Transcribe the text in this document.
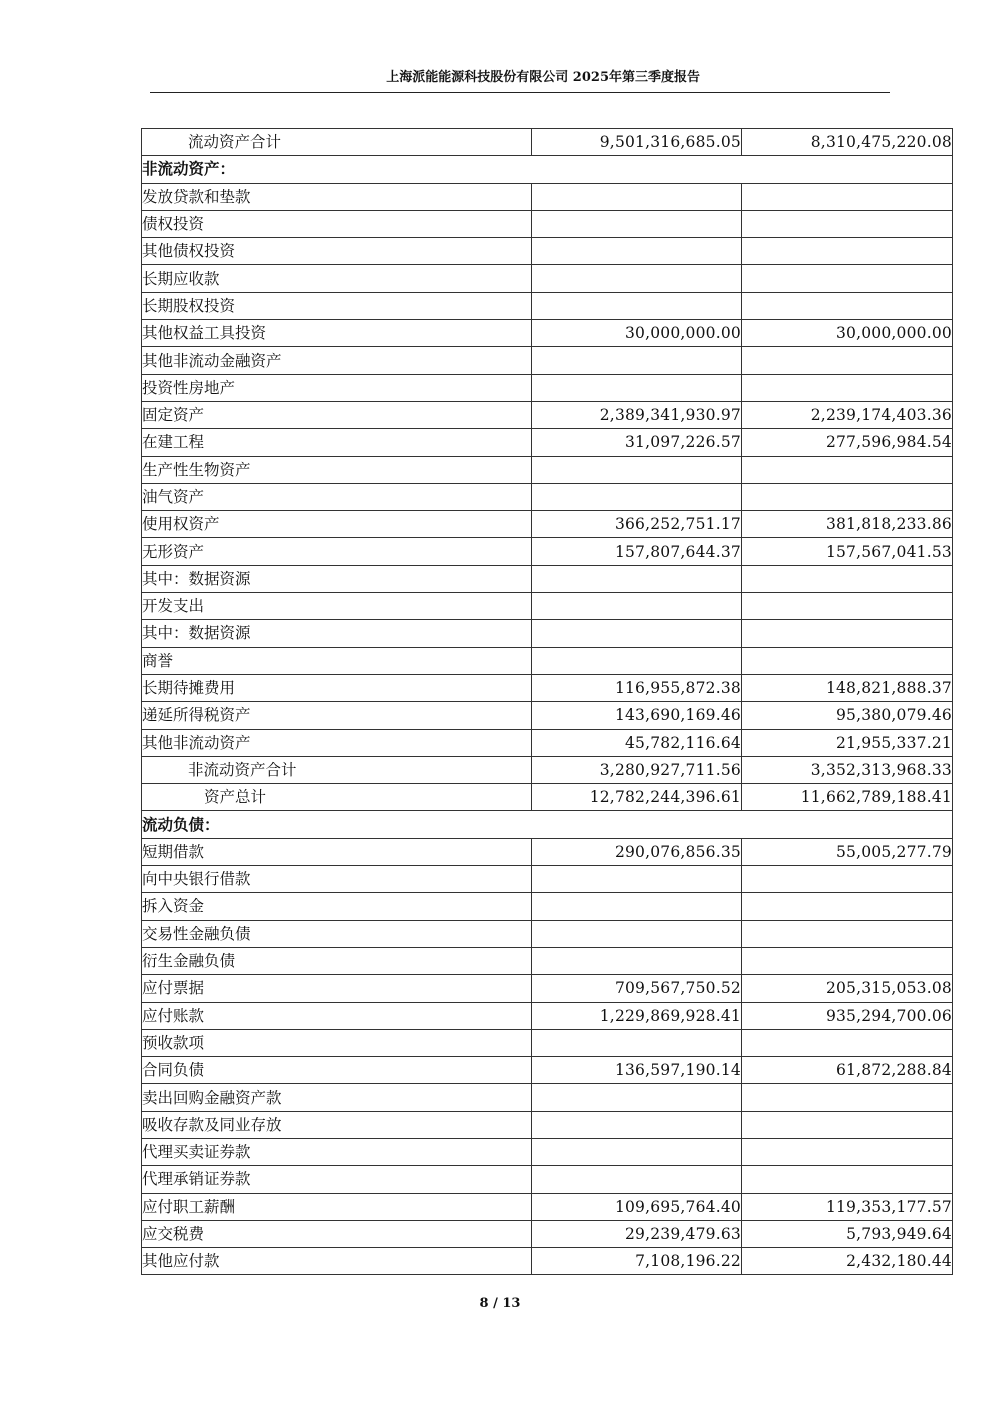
上海派能能源科技股份有限公司 2025年第三季度报告
流动资产合计	9,501,316,685.05	8,310,475,220.08
非流动资产：		
发放贷款和垫款		
债权投资		
其他债权投资		
长期应收款		
长期股权投资		
其他权益工具投资	30,000,000.00	30,000,000.00
其他非流动金融资产		
投资性房地产		
固定资产	2,389,341,930.97	2,239,174,403.36
在建工程	31,097,226.57	277,596,984.54
生产性生物资产		
油气资产		
使用权资产	366,252,751.17	381,818,233.86
无形资产	157,807,644.37	157,567,041.53
其中：数据资源		
开发支出		
其中：数据资源		
商誉		
长期待摊费用	116,955,872.38	148,821,888.37
递延所得税资产	143,690,169.46	95,380,079.46
其他非流动资产	45,782,116.64	21,955,337.21
非流动资产合计	3,280,927,711.56	3,352,313,968.33
资产总计	12,782,244,396.61	11,662,789,188.41
流动负债：		
短期借款	290,076,856.35	55,005,277.79
向中央银行借款		
拆入资金		
交易性金融负债		
衍生金融负债		
应付票据	709,567,750.52	205,315,053.08
应付账款	1,229,869,928.41	935,294,700.06
预收款项		
合同负债	136,597,190.14	61,872,288.84
卖出回购金融资产款		
吸收存款及同业存放		
代理买卖证券款		
代理承销证券款		
应付职工薪酬	109,695,764.40	119,353,177.57
应交税费	29,239,479.63	5,793,949.64
其他应付款	7,108,196.22	2,432,180.44
8 / 13
